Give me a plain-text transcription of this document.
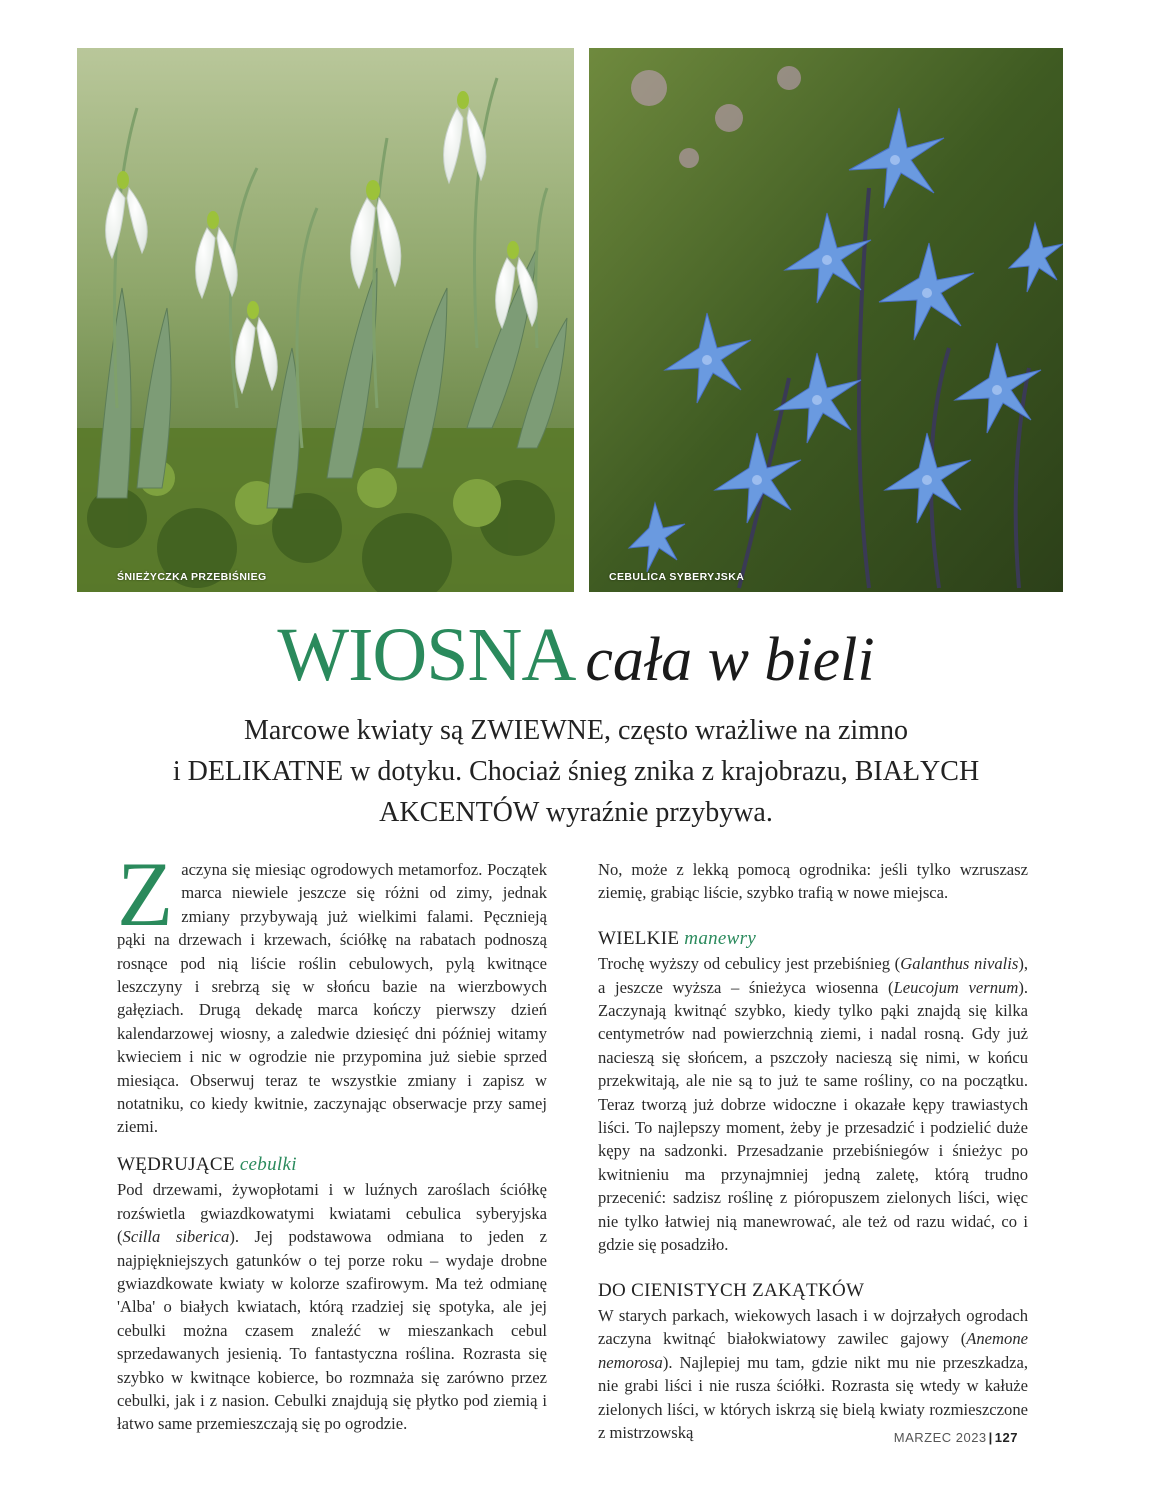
ŚNIEŻYCZKA PRZEBIŚNIEG	CEBULICA SYBERYJSKA
WIOSNA cała w bieli
Marcowe kwiaty są ZWIEWNE, często wrażliwe na zimno
i DELIKATNE w dotyku. Chociaż śnieg znika z krajobrazu, BIAŁYCH
AKCENTÓW wyraźnie przybywa.

Zaczyna się miesiąc ogrodowych metamorfoz. Początek marca niewiele jeszcze się różni od zimy, jednak zmiany przybywają już wielkimi falami. Pęcznieją pąki na drzewach i krzewach, ściółkę na rabatach podnoszą rosnące pod nią liście roślin cebulowych, pylą kwitnące leszczyny i srebrzą się w słońcu bazie na wierzbowych gałęziach. Drugą dekadę marca kończy pierwszy dzień kalendarzowej wiosny, a zaledwie dziesięć dni później witamy kwieciem i nic w ogrodzie nie przypomina już siebie sprzed miesiąca. Obserwuj teraz te wszystkie zmiany i zapisz w notatniku, co kiedy kwitnie, zaczynając obserwacje przy samej ziemi.

WĘDRUJĄCE cebulki

Pod drzewami, żywopłotami i w luźnych zaroślach ściółkę rozświetla gwiazdkowatymi kwiatami cebulica syberyjska (Scilla siberica). Jej podstawowa odmiana to jeden z najpiękniejszych gatunków o tej porze roku – wydaje drobne gwiazdkowate kwiaty w kolorze szafirowym. Ma też odmianę 'Alba' o białych kwiatach, którą rzadziej się spotyka, ale jej cebulki można czasem znaleźć w mieszankach cebul sprzedawanych jesienią. To fantastyczna roślina. Rozrasta się szybko w kwitnące kobierce, bo rozmnaża się zarówno przez cebulki, jak i z nasion. Cebulki znajdują się płytko pod ziemią i łatwo same przemieszczają się po ogrodzie.

No, może z lekką pomocą ogrodnika: jeśli tylko wzruszasz ziemię, grabiąc liście, szybko trafią w nowe miejsca.

WIELKIE manewry

Trochę wyższy od cebulicy jest przebiśnieg (Galanthus nivalis), a jeszcze wyższa – śnieżyca wiosenna (Leucojum vernum). Zaczynają kwitnąć szybko, kiedy tylko pąki znajdą się kilka centymetrów nad powierzchnią ziemi, i nadal rosną. Gdy już nacieszą się słońcem, a pszczoły nacieszą się nimi, w końcu przekwitają, ale nie są to już te same rośliny, co na początku. Teraz tworzą już dobrze widoczne i okazałe kępy trawiastych liści. To najlepszy moment, żeby je przesadzić i podzielić duże kępy na sadzonki. Przesadzanie przebiśniegów i śnieżyc po kwitnieniu ma przynajmniej jedną zaletę, którą trudno przecenić: sadzisz roślinę z pióropuszem zielonych liści, więc nie tylko łatwiej nią manewrować, ale też od razu widać, co i gdzie się posadziło.

DO CIENISTYCH ZAKĄTKÓW

W starych parkach, wiekowych lasach i w dojrzałych ogrodach zaczyna kwitnąć białokwiatowy zawilec gajowy (Anemone nemorosa). Najlepiej mu tam, gdzie nikt mu nie przeszkadza, nie grabi liści i nie rusza ściółki. Rozrasta się wtedy w kałuże zielonych liści, w których iskrzą się bielą kwiaty rozmieszczone z mistrzowską	MARZEC 2023 | 127
